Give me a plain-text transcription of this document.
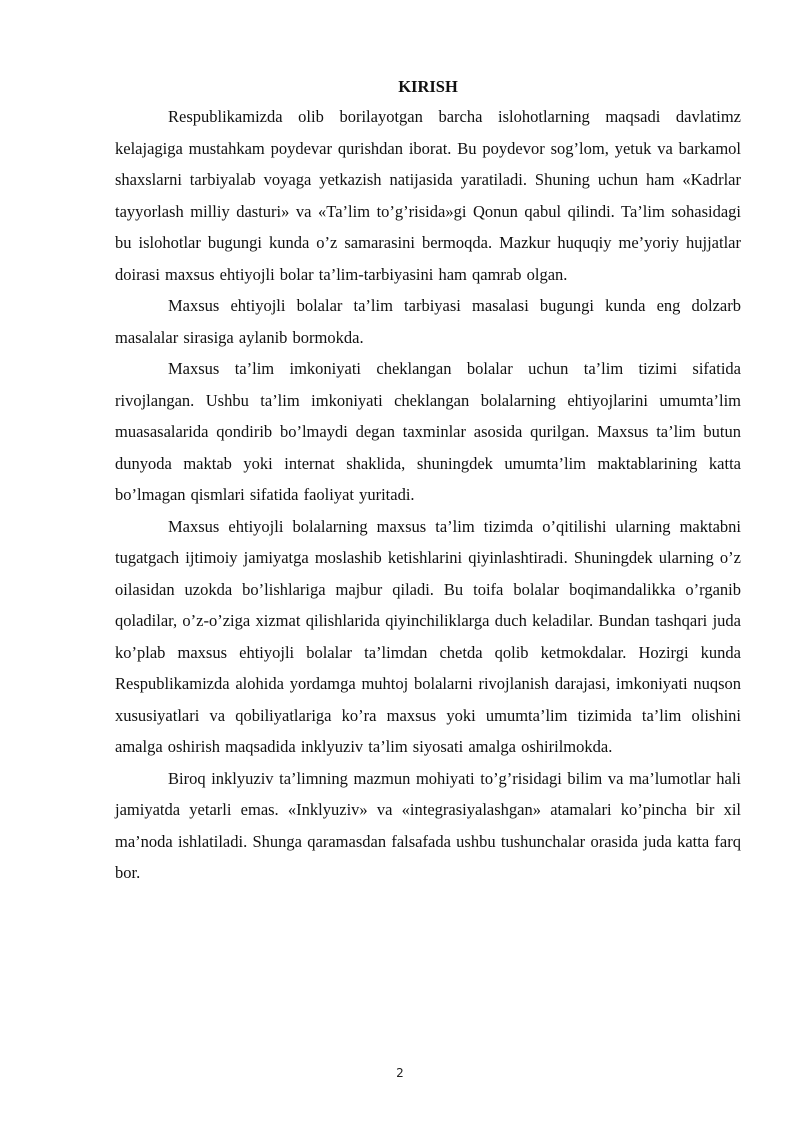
KIRISH

Respublikamizda olib borilayotgan barcha islohotlarning maqsadi davlatimz kelajagiga mustahkam poydevar qurishdan iborat. Bu poydevor sog’lom, yetuk va barkamol shaxslarni tarbiyalab voyaga yetkazish natijasida yaratiladi. Shuning uchun ham «Kadrlar tayyorlash milliy dasturi» va «Ta’lim to’g’risida»gi Qonun qabul qilindi. Ta’lim sohasidagi bu islohotlar bugungi kunda o’z samarasini bermoqda. Mazkur huquqiy me’yoriy hujjatlar doirasi maxsus ehtiyojli bolar ta’lim-tarbiyasini ham qamrab olgan.

Maxsus ehtiyojli bolalar ta’lim tarbiyasi masalasi bugungi kunda eng dolzarb masalalar sirasiga aylanib bormokda.

Maxsus ta’lim imkoniyati cheklangan bolalar uchun ta’lim tizimi sifatida rivojlangan. Ushbu ta’lim imkoniyati cheklangan bolalarning ehtiyojlarini umumta’lim muasasalarida qondirib bo’lmaydi degan taxminlar asosida qurilgan. Maxsus ta’lim butun dunyoda maktab yoki internat shaklida, shuningdek umumta’lim maktablarining katta bo’lmagan qismlari sifatida faoliyat yuritadi.

Maxsus ehtiyojli bolalarning maxsus ta’lim tizimda o’qitilishi ularning maktabni tugatgach ijtimoiy jamiyatga moslashib ketishlarini qiyinlashtiradi. Shuningdek ularning o’z oilasidan uzokda bo’lishlariga majbur qiladi. Bu toifa bolalar boqimandalikka o’rganib qoladilar, o’z-o’ziga xizmat qilishlarida qiyinchiliklarga duch keladilar. Bundan tashqari juda ko’plab maxsus ehtiyojli bolalar ta’limdan chetda qolib ketmokdalar. Hozirgi kunda Respublikamizda alohida yordamga muhtoj bolalarni rivojlanish darajasi, imkoniyati nuqson xususiyatlari va qobiliyatlariga ko’ra maxsus yoki umumta’lim tizimida ta’lim olishini amalga oshirish maqsadida inklyuziv ta’lim siyosati amalga oshirilmokda.

Biroq inklyuziv ta’limning mazmun mohiyati to’g’risidagi bilim va ma’lumotlar hali jamiyatda yetarli emas. «Inklyuziv» va «integrasiyalashgan» atamalari ko’pincha bir xil ma’noda ishlatiladi. Shunga qaramasdan falsafada ushbu tushunchalar orasida juda katta farq bor.

2
